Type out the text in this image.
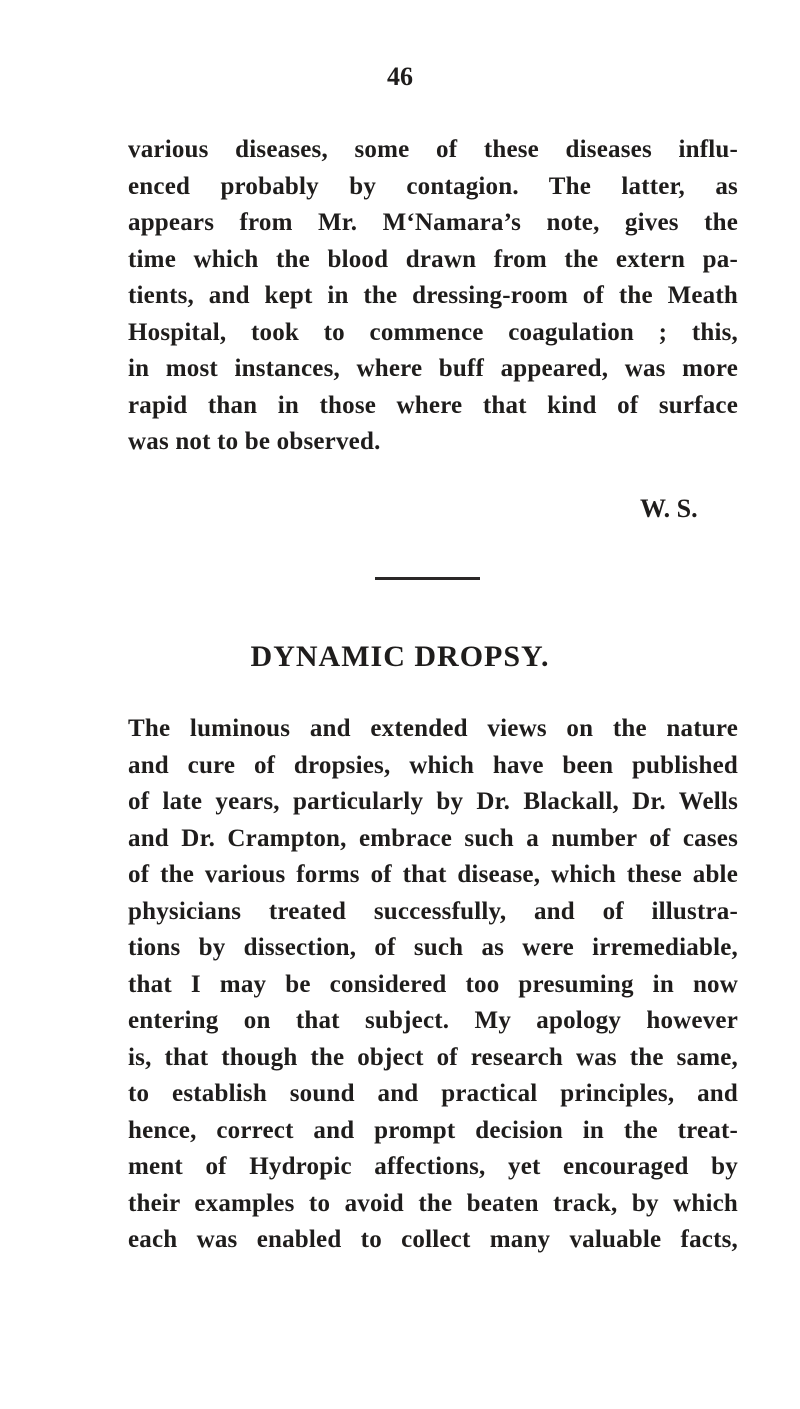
46
various diseases, some of these diseases influ-
enced probably by contagion. The latter, as
appears from Mr. M‘Namara’s note, gives the
time which the blood drawn from the extern pa-
tients, and kept in the dressing-room of the Meath
Hospital, took to commence coagulation ; this,
in most instances, where buff appeared, was more
rapid than in those where that kind of surface
was not to be observed.
W. S.
DYNAMIC DROPSY.
The luminous and extended views on the nature
and cure of dropsies, which have been published
of late years, particularly by Dr. Blackall, Dr. Wells
and Dr. Crampton, embrace such a number of cases
of the various forms of that disease, which these able
physicians treated successfully, and of illustra-
tions by dissection, of such as were irremediable,
that I may be considered too presuming in now
entering on that subject. My apology however
is, that though the object of research was the same,
to establish sound and practical principles, and
hence, correct and prompt decision in the treat-
ment of Hydropic affections, yet encouraged by
their examples to avoid the beaten track, by which
each was enabled to collect many valuable facts,
